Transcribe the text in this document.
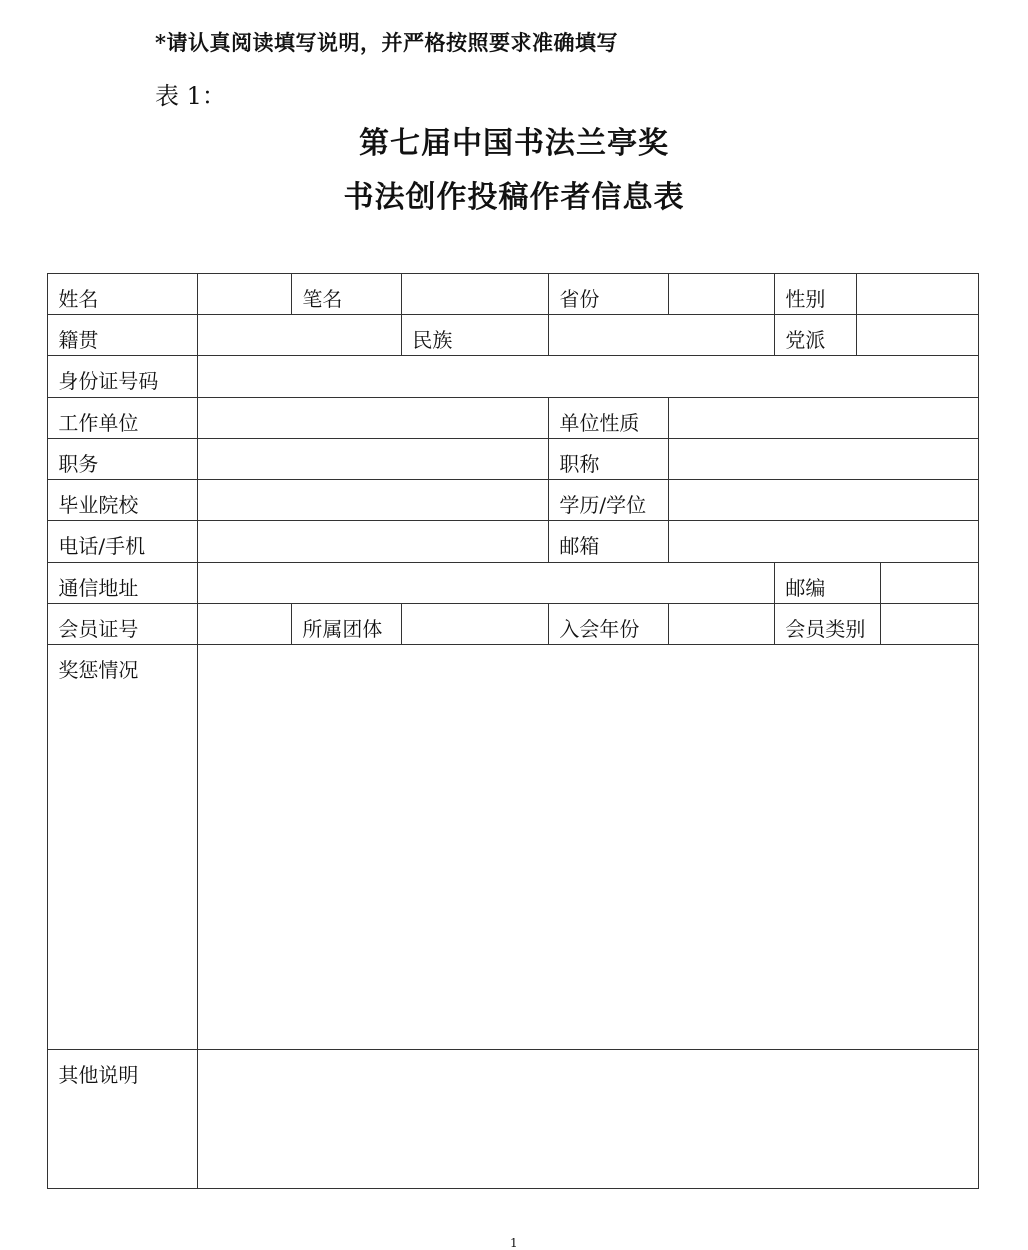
*请认真阅读填写说明，并严格按照要求准确填写
表 1：
第七届中国书法兰亭奖
书法创作投稿作者信息表
姓名	笔名	省份	性别
籍贯	民族	党派
身份证号码
工作单位	单位性质
职务	职称
毕业院校	学历/学位
电话/手机	邮箱
通信地址	邮编
会员证号	所属团体	入会年份	会员类别
奖惩情况
其他说明
1
